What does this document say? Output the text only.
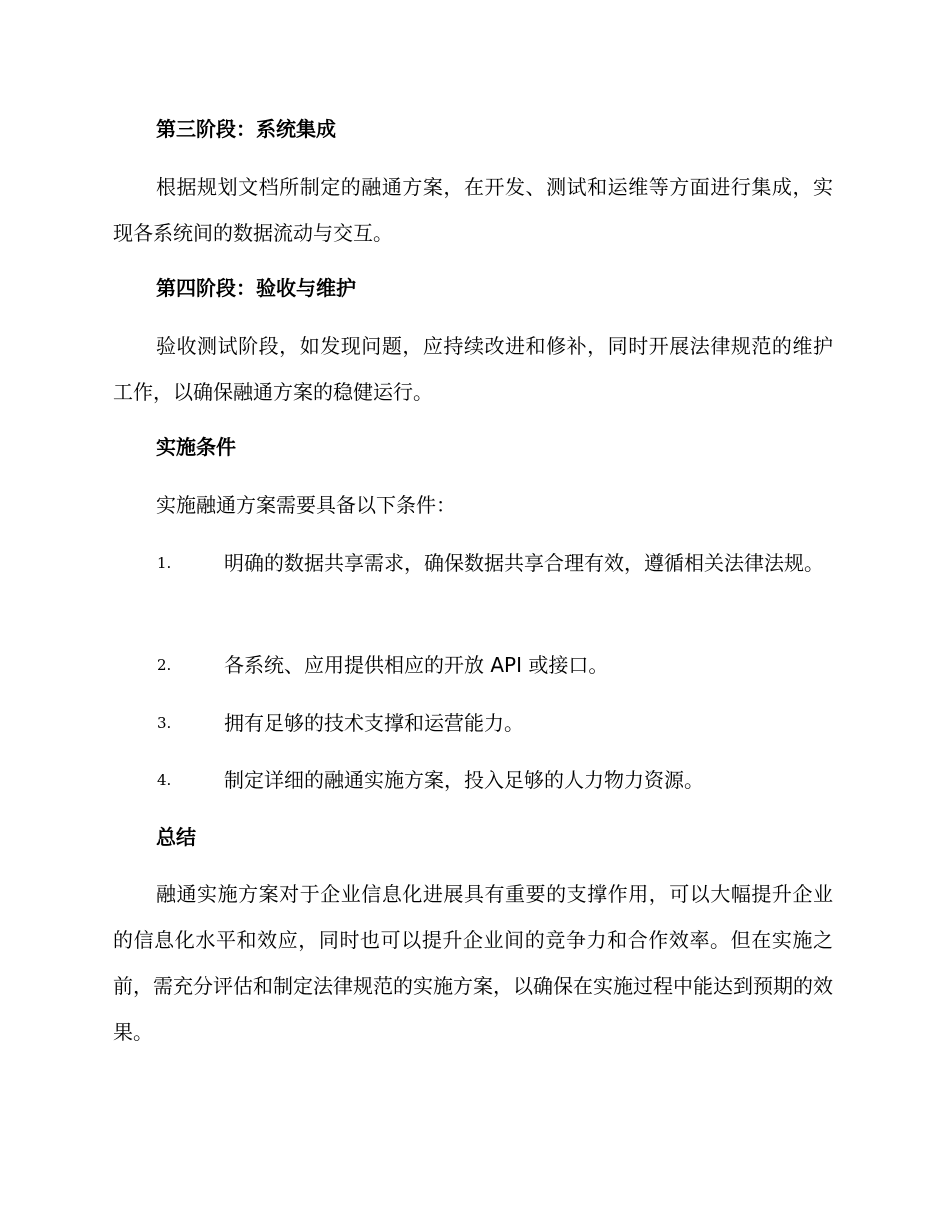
第三阶段：系统集成

根据规划文档所制定的融通方案，在开发、测试和运维等方面进行集成，实现各系统间的数据流动与交互。

第四阶段：验收与维护

验收测试阶段，如发现问题，应持续改进和修补，同时开展法律规范的维护工作，以确保融通方案的稳健运行。

实施条件

实施融通方案需要具备以下条件：

1.	明确的数据共享需求，确保数据共享合理有效，遵循相关法律法规。
2.	各系统、应用提供相应的开放 API 或接口。
3.	拥有足够的技术支撑和运营能力。
4.	制定详细的融通实施方案，投入足够的人力物力资源。
总结

融通实施方案对于企业信息化进展具有重要的支撑作用，可以大幅提升企业的信息化水平和效应，同时也可以提升企业间的竞争力和合作效率。但在实施之前，需充分评估和制定法律规范的实施方案，以确保在实施过程中能达到预期的效果。
